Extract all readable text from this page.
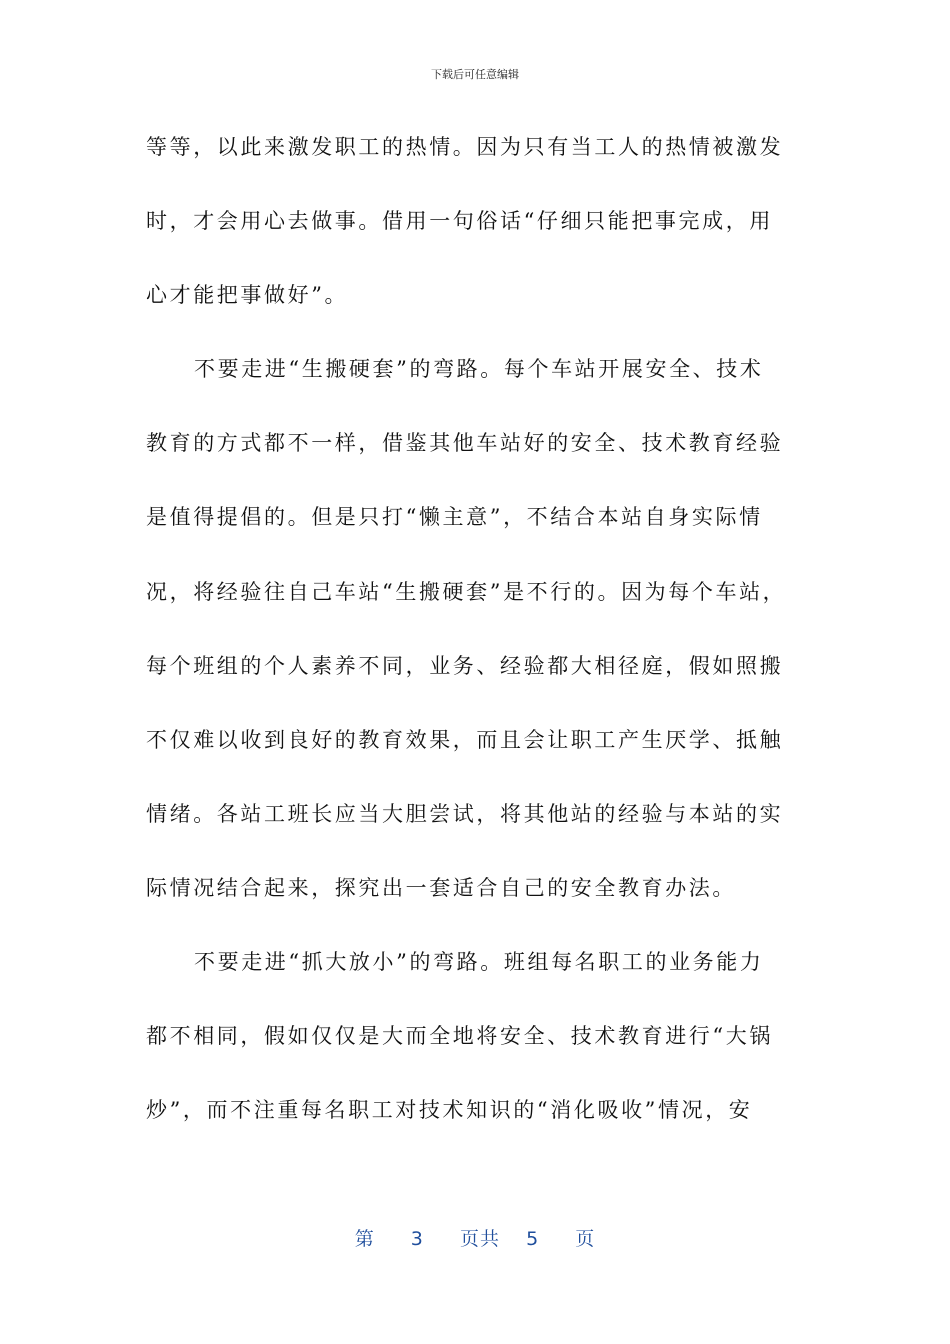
下载后可任意编辑
等等，以此来激发职工的热情。因为只有当工人的热情被激发
时，才会用心去做事。借用一句俗话“仔细只能把事完成，用
心才能把事做好”。
不要走进“生搬硬套”的弯路。每个车站开展安全、技术
教育的方式都不一样，借鉴其他车站好的安全、技术教育经验
是值得提倡的。但是只打“懒主意”，不结合本站自身实际情
况，将经验往自己车站“生搬硬套”是不行的。因为每个车站，
每个班组的个人素养不同，业务、经验都大相径庭，假如照搬
不仅难以收到良好的教育效果，而且会让职工产生厌学、抵触
情绪。各站工班长应当大胆尝试，将其他站的经验与本站的实
际情况结合起来，探究出一套适合自己的安全教育办法。
不要走进“抓大放小”的弯路。班组每名职工的业务能力
都不相同，假如仅仅是大而全地将安全、技术教育进行“大锅
炒”，而不注重每名职工对技术知识的“消化吸收”情况，安
第 3 页共 5 页
